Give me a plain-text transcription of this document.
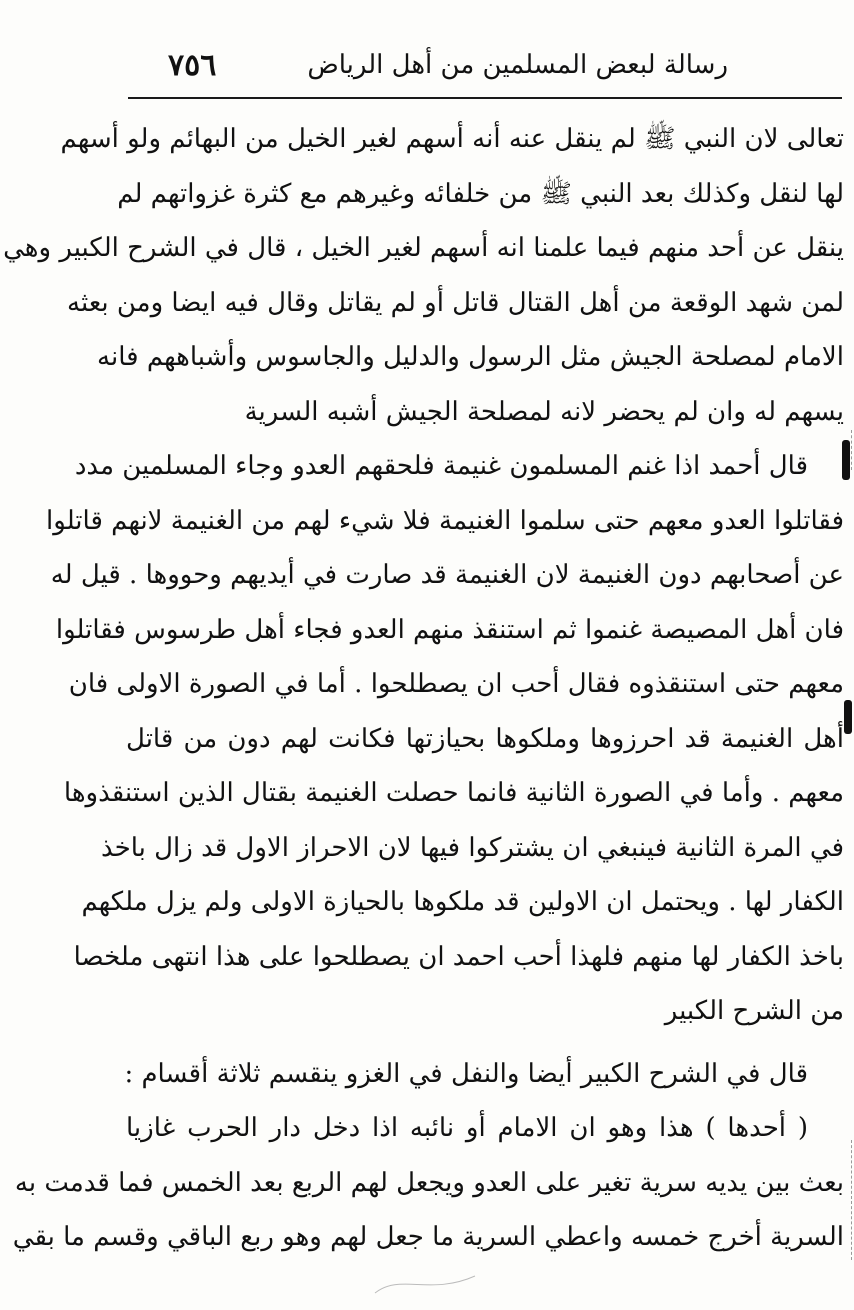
رسالة لبعض المسلمين من أهل الرياض
٧٥٦
تعالى لان النبي ﷺ لم ينقل عنه أنه أسهم لغير الخيل من البهائم ولو أسهم
لها لنقل وكذلك بعد النبي ﷺ من خلفائه وغيرهم مع كثرة غزواتهم لم
ينقل عن أحد منهم فيما علمنا انه أسهم لغير الخيل ، قال في الشرح الكبير وهي
لمن شهد الوقعة من أهل القتال قاتل أو لم يقاتل وقال فيه ايضا ومن بعثه
الامام لمصلحة الجيش مثل الرسول والدليل والجاسوس وأشباههم فانه
يسهم له وان لم يحضر لانه لمصلحة الجيش أشبه السرية
قال أحمد اذا غنم المسلمون غنيمة فلحقهم العدو وجاء المسلمين مدد
فقاتلوا العدو معهم حتى سلموا الغنيمة فلا شيء لهم من الغنيمة لانهم قاتلوا
عن أصحابهم دون الغنيمة لان الغنيمة قد صارت في أيديهم وحووها . قيل له
فان أهل المصيصة غنموا ثم استنقذ منهم العدو فجاء أهل طرسوس فقاتلوا
معهم حتى استنقذوه فقال أحب ان يصطلحوا . أما في الصورة الاولى فان
أهل الغنيمة قد احرزوها وملكوها بحيازتها فكانت لهم دون من قاتل
معهم . وأما في الصورة الثانية فانما حصلت الغنيمة بقتال الذين استنقذوها
في المرة الثانية فينبغي ان يشتركوا فيها لان الاحراز الاول قد زال باخذ
الكفار لها . ويحتمل ان الاولين قد ملكوها بالحيازة الاولى ولم يزل ملكهم
باخذ الكفار لها منهم فلهذا أحب احمد ان يصطلحوا على هذا انتهى ملخصا
من الشرح الكبير
قال في الشرح الكبير أيضا والنفل في الغزو ينقسم ثلاثة أقسام :
( أحدها ) هذا وهو ان الامام أو نائبه اذا دخل دار الحرب غازيا
بعث بين يديه سرية تغير على العدو ويجعل لهم الربع بعد الخمس فما قدمت به
السرية أخرج خمسه واعطي السرية ما جعل لهم وهو ربع الباقي وقسم ما بقي
